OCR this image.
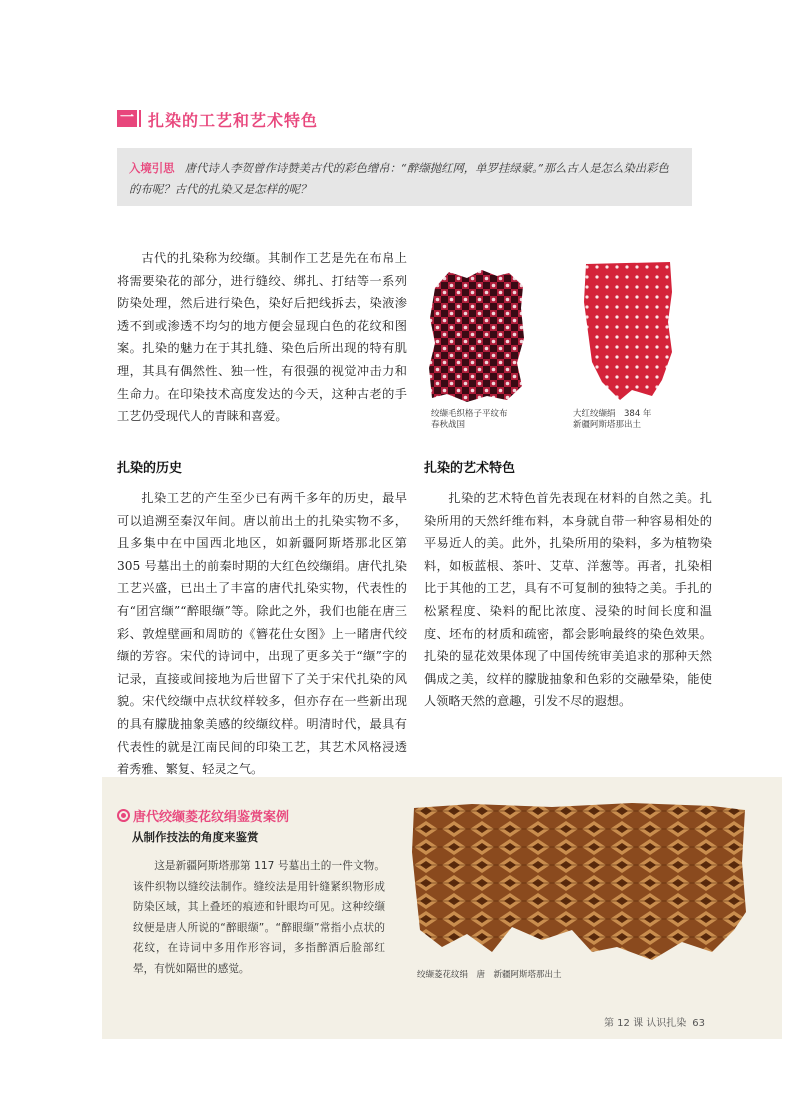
一 扎染的工艺和艺术特色
入境引思 唐代诗人李贺曾作诗赞美古代的彩色缯帛：“醉缬抛红网，单罗挂绿蒙。”那么古人是怎么染出彩色的布呢？古代的扎染又是怎样的呢？
古代的扎染称为绞缬。其制作工艺是先在布帛上将需要染花的部分，进行缝绞、绑扎、打结等一系列防染处理，然后进行染色，染好后把线拆去，染液渗透不到或渗透不均匀的地方便会显现白色的花纹和图案。扎染的魅力在于其扎缝、染色后所出现的特有肌理，其具有偶然性、独一性，有很强的视觉冲击力和生命力。在印染技术高度发达的今天，这种古老的手工艺仍受现代人的青睐和喜爱。	绞缬毛织格子平纹布
春秋战国
大红绞缬绢　384 年
新疆阿斯塔那出土
扎染的历史
扎染工艺的产生至少已有两千多年的历史，最早可以追溯至秦汉年间。唐以前出土的扎染实物不多，且多集中在中国西北地区，如新疆阿斯塔那北区第 305 号墓出土的前秦时期的大红色绞缬绢。唐代扎染工艺兴盛，已出土了丰富的唐代扎染实物，代表性的有“团宫缬”“醉眼缬”等。除此之外，我们也能在唐三彩、敦煌壁画和周昉的《簪花仕女图》上一睹唐代绞缬的芳容。宋代的诗词中，出现了更多关于“缬”字的记录，直接或间接地为后世留下了关于宋代扎染的风貌。宋代绞缬中点状纹样较多，但亦存在一些新出现的具有朦胧抽象美感的绞缬纹样。明清时代，最具有代表性的就是江南民间的印染工艺，其艺术风格浸透着秀雅、繁复、轻灵之气。
扎染的艺术特色
扎染的艺术特色首先表现在材料的自然之美。扎染所用的天然纤维布料，本身就自带一种容易相处的平易近人的美。此外，扎染所用的染料，多为植物染料，如板蓝根、茶叶、艾草、洋葱等。再者，扎染相比于其他的工艺，具有不可复制的独特之美。手扎的松紧程度、染料的配比浓度、浸染的时间长度和温度、坯布的材质和疏密，都会影响最终的染色效果。扎染的显花效果体现了中国传统审美追求的那种天然偶成之美，纹样的朦胧抽象和色彩的交融晕染，能使人领略天然的意趣，引发不尽的遐想。
唐代绞缬菱花纹绢鉴赏案例
从制作技法的角度来鉴赏
这是新疆阿斯塔那第 117 号墓出土的一件文物。该件织物以缝绞法制作。缝绞法是用针缝紧织物形成防染区域，其上叠坯的痕迹和针眼均可见。这种绞缬纹便是唐人所说的“醉眼缬”。“醉眼缬”常指小点状的花纹，在诗词中多用作形容词，多指醉酒后脸部红晕，有恍如隔世的感觉。
绞缬菱花纹绢　唐　新疆阿斯塔那出土
第 12 课 认识扎染 63
